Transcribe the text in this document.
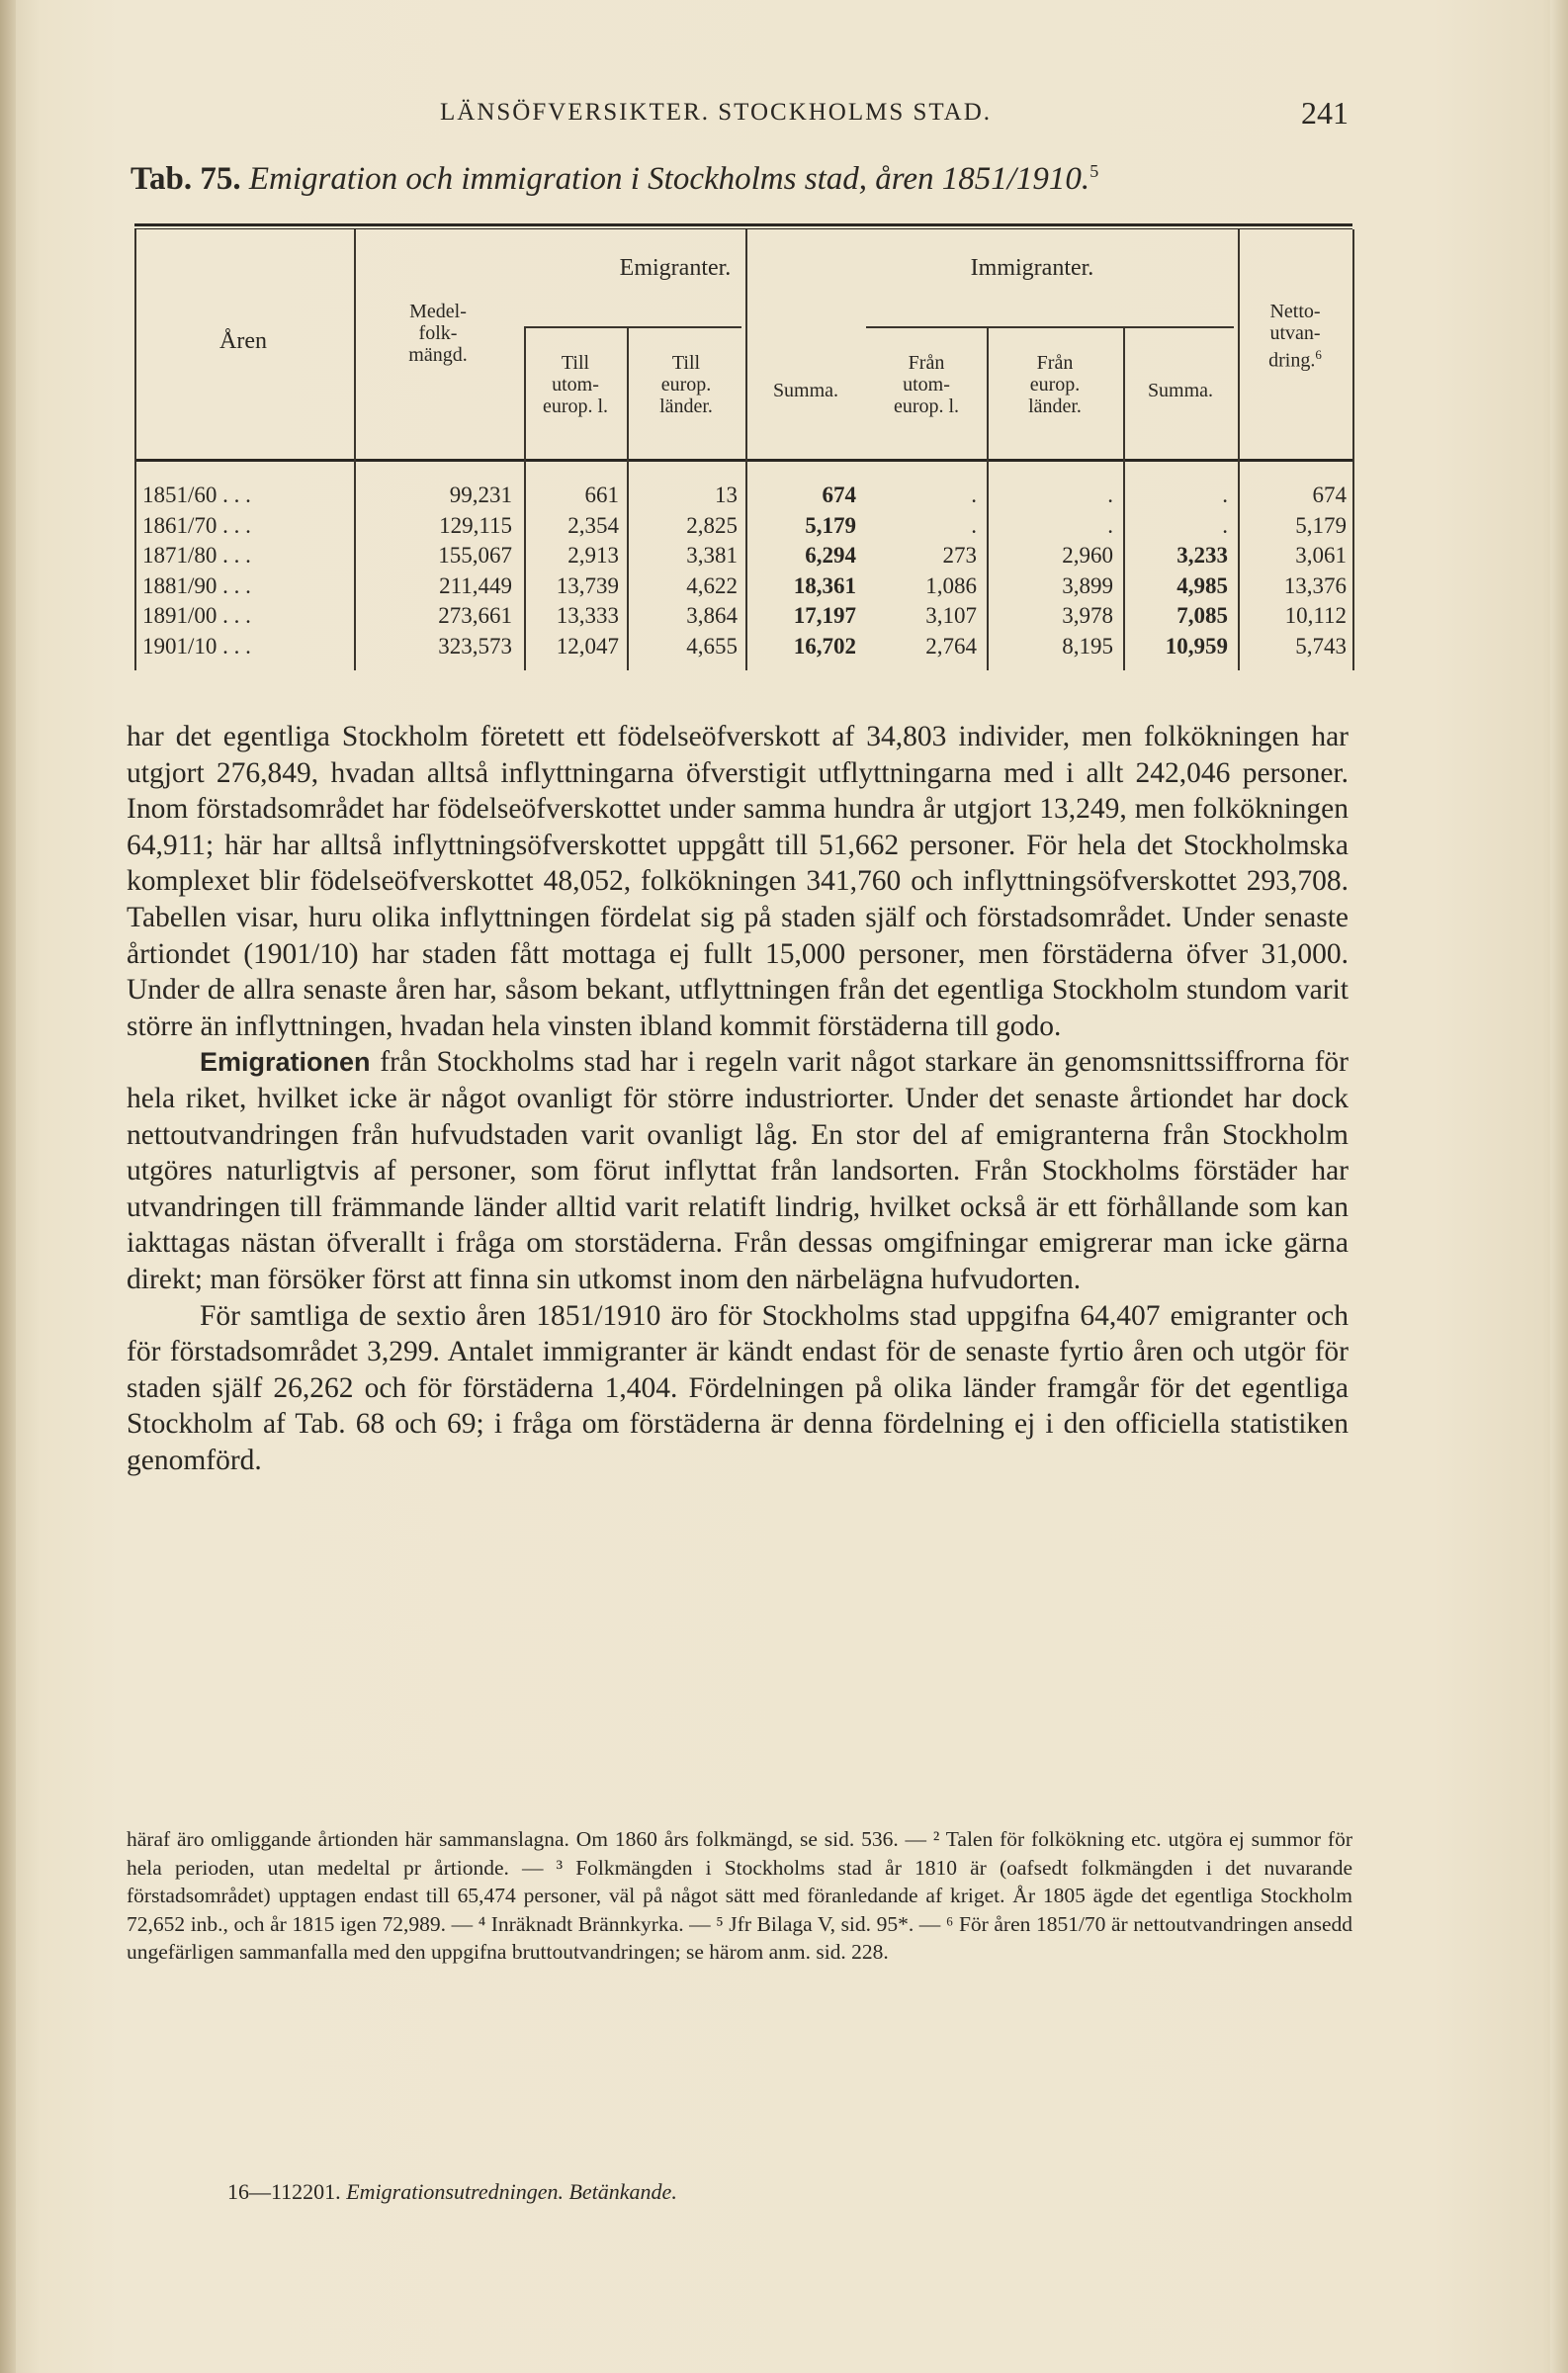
LÄNSÖFVERSIKTER. STOCKHOLMS STAD.	241
Tab. 75. Emigration och immigration i Stockholms stad, åren 1851/1910.$^5$
Åren
Medel-
folk-
mängd.
Emigranter.	Immigranter.
Till
utom-
europ. l.
Till
europ.
länder.
Summa.
Från
utom-
europ. l.
Från
europ.
länder.
Summa.
Netto-
utvan-
dring.$^6$
1851/60 . . .	99,231	661	13	674	.	.	.	674
1861/70 . . .	129,115	2,354	2,825	5,179	.	.	.	5,179
1871/80 . . .	155,067	2,913	3,381	6,294	273	2,960	3,233	3,061
1881/90 . . .	211,449	13,739	4,622	18,361	1,086	3,899	4,985	13,376
1891/00 . . .	273,661	13,333	3,864	17,197	3,107	3,978	7,085	10,112
1901/10 . . .	323,573	12,047	4,655	16,702	2,764	8,195	10,959	5,743

har det egentliga Stockholm företett ett födelseöfverskott af 34,803 individer, men folkökningen har utgjort 276,849, hvadan alltså inflyttningarna öfverstigit utflyttningarna med i allt 242,046 personer. Inom förstadsområdet har födelseöfverskottet under samma hundra år utgjort 13,249, men folkökningen 64,911; här har alltså inflyttningsöfverskottet uppgått till 51,662 personer. För hela det Stockholmska komplexet blir födelseöfverskottet 48,052, folkökningen 341,760 och inflyttningsöfverskottet 293,708. Tabellen visar, huru olika inflyttningen fördelat sig på staden själf och förstadsområdet. Under senaste årtiondet (1901/10) har staden fått mottaga ej fullt 15,000 personer, men förstäderna öfver 31,000. Under de allra senaste åren har, såsom bekant, utflyttningen från det egentliga Stockholm stundom varit större än inflyttningen, hvadan hela vinsten ibland kommit förstäderna till godo.

Emigrationen från Stockholms stad har i regeln varit något starkare än genomsnittssiffrorna för hela riket, hvilket icke är något ovanligt för större industriorter. Under det senaste årtiondet har dock nettoutvandringen från hufvudstaden varit ovanligt låg. En stor del af emigranterna från Stockholm utgöres naturligtvis af personer, som förut inflyttat från landsorten. Från Stockholms förstäder har utvandringen till främmande länder alltid varit relatift lindrig, hvilket också är ett förhållande som kan iakttagas nästan öfverallt i fråga om storstäderna. Från dessas omgifningar emigrerar man icke gärna direkt; man försöker först att finna sin utkomst inom den närbelägna hufvudorten.

För samtliga de sextio åren 1851/1910 äro för Stockholms stad uppgifna 64,407 emigranter och för förstadsområdet 3,299. Antalet immigranter är kändt endast för de senaste fyrtio åren och utgör för staden själf 26,262 och för förstäderna 1,404. Fördelningen på olika länder framgår för det egentliga Stockholm af Tab. 68 och 69; i fråga om förstäderna är denna fördelning ej i den officiella statistiken genomförd.

häraf äro omliggande årtionden här sammanslagna. Om 1860 års folkmängd, se sid. 536. — ² Talen för folkökning etc. utgöra ej summor för hela perioden, utan medeltal pr årtionde. — ³ Folkmängden i Stockholms stad år 1810 är (oafsedt folkmängden i det nuvarande förstadsområdet) upptagen endast till 65,474 personer, väl på något sätt med föranledande af kriget. År 1805 ägde det egentliga Stockholm 72,652 inb., och år 1815 igen 72,989. — ⁴ Inräknadt Brännkyrka. — ⁵ Jfr Bilaga V, sid. 95*. — ⁶ För åren 1851/70 är nettoutvandringen ansedd ungefärligen sammanfalla med den uppgifna bruttoutvandringen; se härom anm. sid. 228.

16—112201. Emigrationsutredningen. Betänkande.
